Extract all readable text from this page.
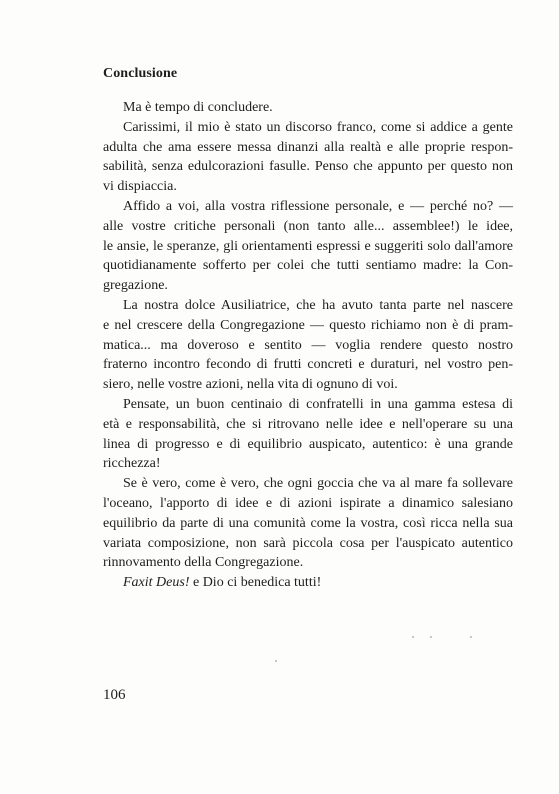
Conclusione
Ma è tempo di concludere.
Carissimi, il mio è stato un discorso franco, come si addice a gente
adulta che ama essere messa dinanzi alla realtà e alle proprie respon-
sabilità, senza edulcorazioni fasulle. Penso che appunto per questo non
vi dispiaccia.
Affido a voi, alla vostra riflessione personale, e — perché no? —
alle vostre critiche personali (non tanto alle... assemblee!) le idee,
le ansie, le speranze, gli orientamenti espressi e suggeriti solo dall'amore
quotidianamente sofferto per colei che tutti sentiamo madre: la Con-
gregazione.
La nostra dolce Ausiliatrice, che ha avuto tanta parte nel nascere
e nel crescere della Congregazione — questo richiamo non è di pram-
matica... ma doveroso e sentito — voglia rendere questo nostro
fraterno incontro fecondo di frutti concreti e duraturi, nel vostro pen-
siero, nelle vostre azioni, nella vita di ognuno di voi.
Pensate, un buon centinaio di confratelli in una gamma estesa di
età e responsabilità, che si ritrovano nelle idee e nell'operare su una
linea di progresso e di equilibrio auspicato, autentico: è una grande
ricchezza!
Se è vero, come è vero, che ogni goccia che va al mare fa sollevare
l'oceano, l'apporto di idee e di azioni ispirate a dinamico salesiano
equilibrio da parte di una comunità come la vostra, così ricca nella sua
variata composizione, non sarà piccola cosa per l'auspicato autentico
rinnovamento della Congregazione.
Faxit Deus! e Dio ci benedica tutti!
106
